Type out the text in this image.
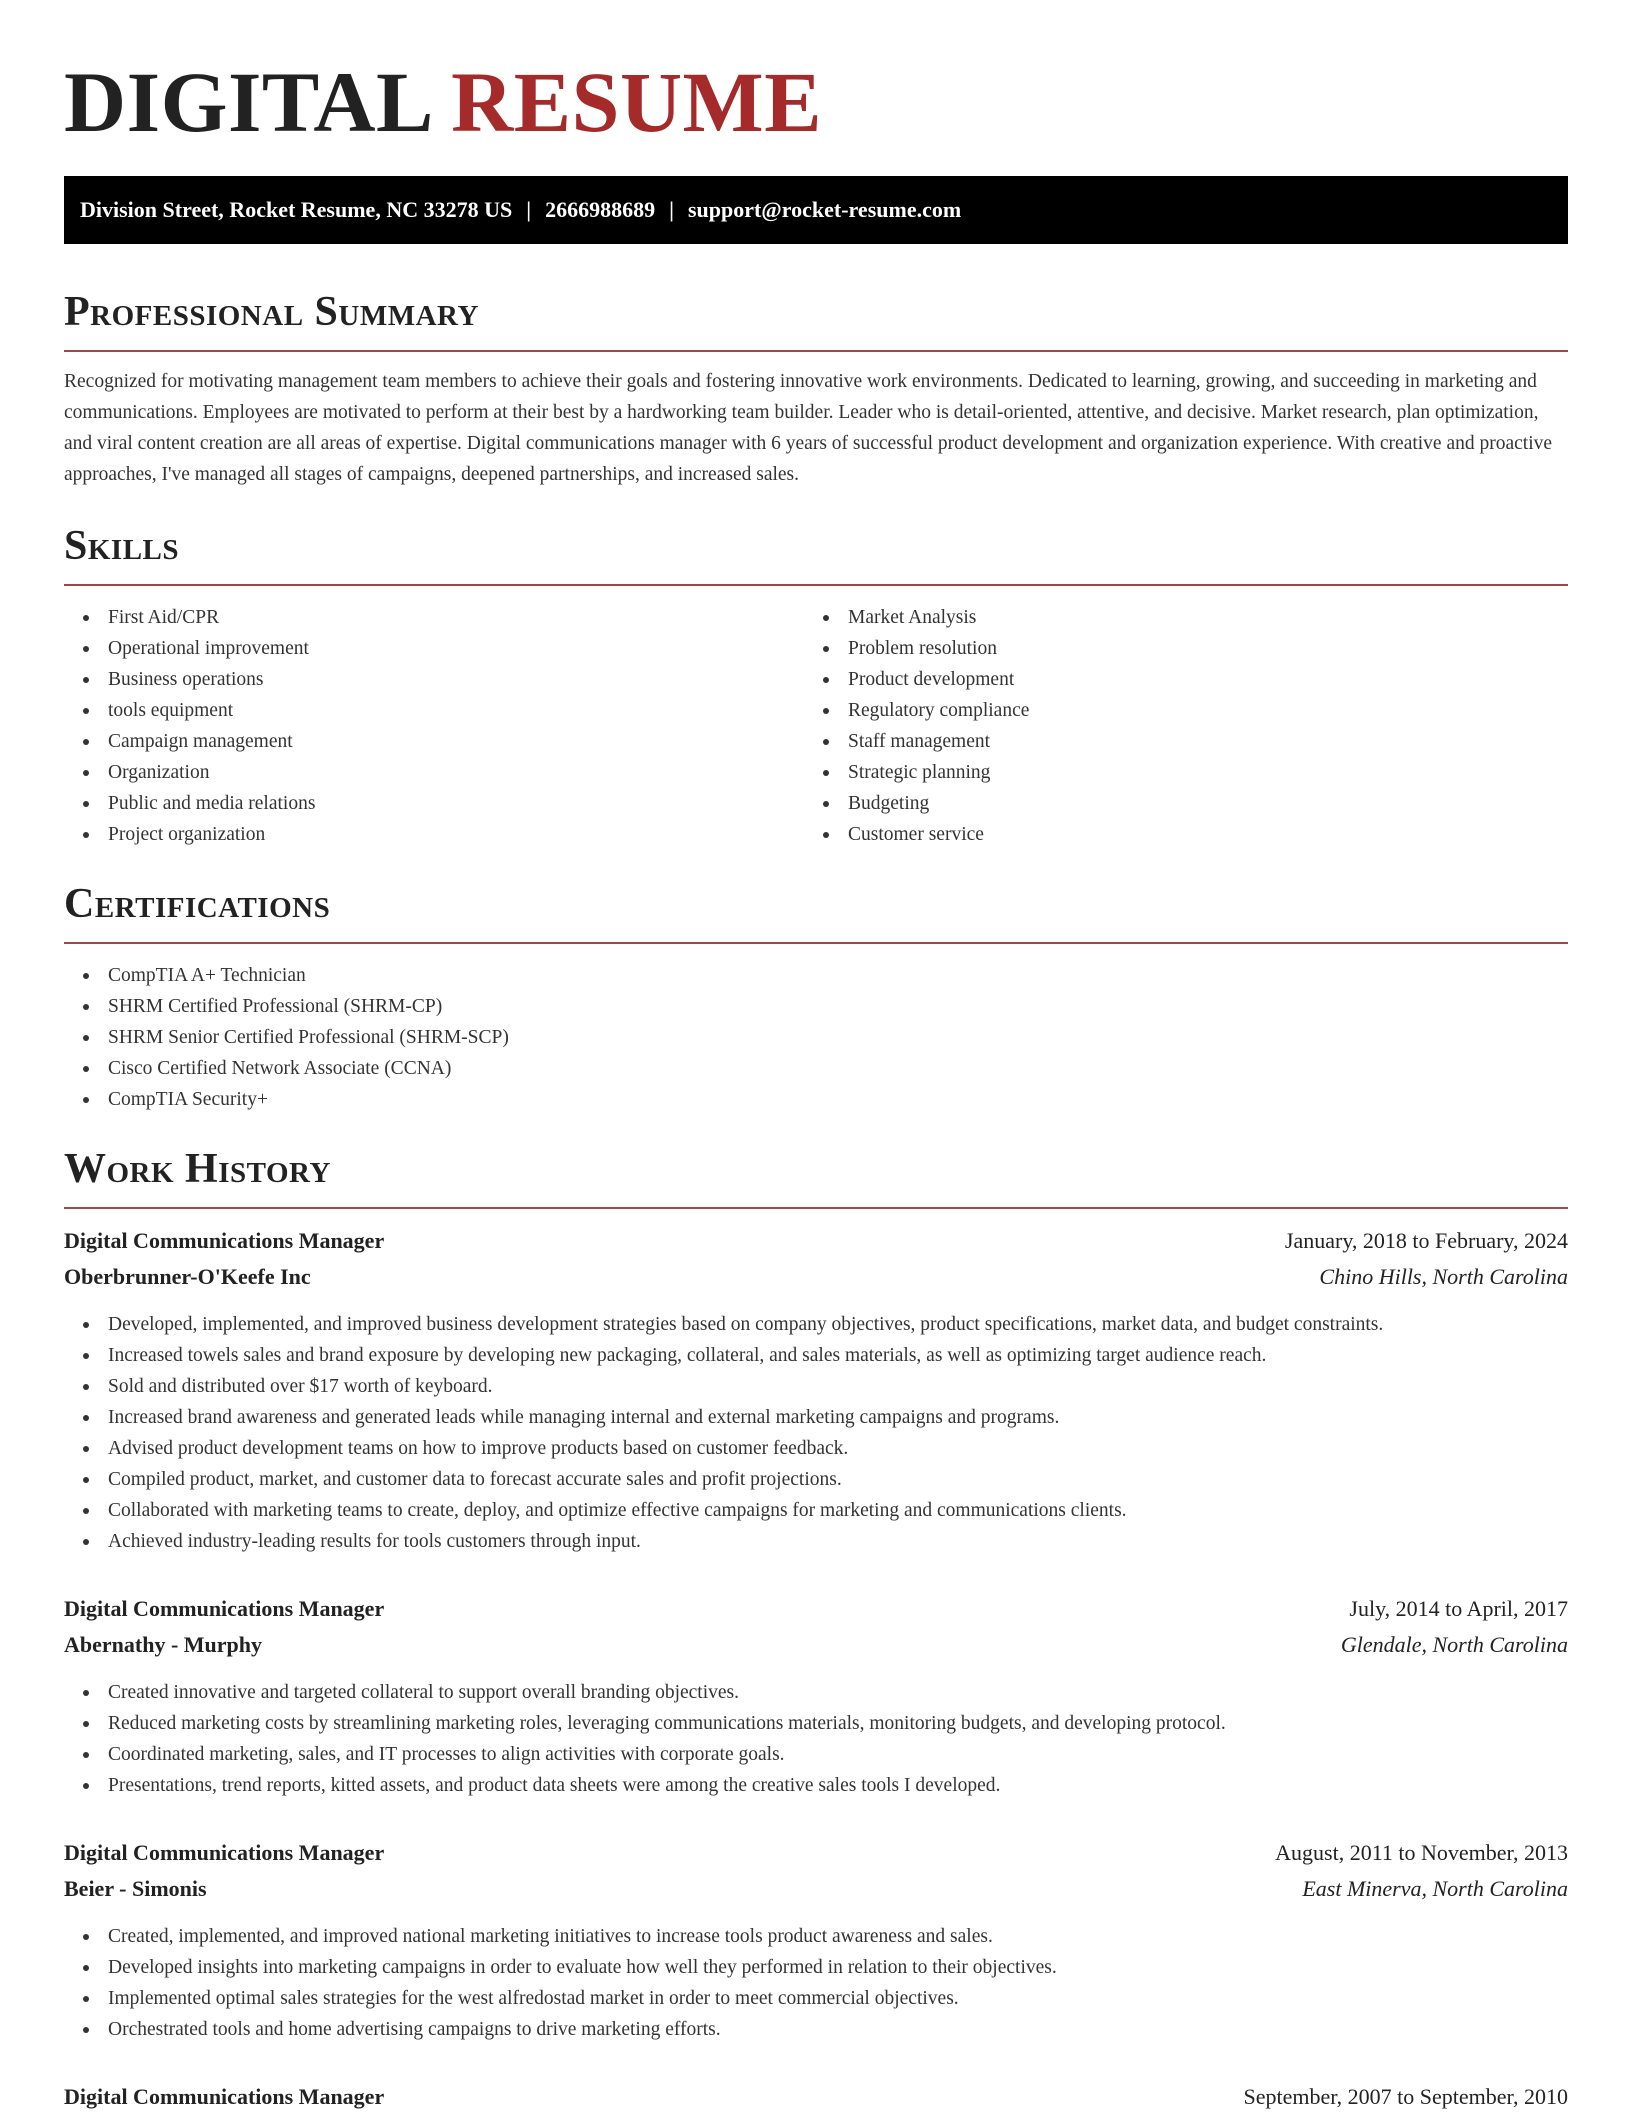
DIGITAL RESUME
Division Street, Rocket Resume, NC 33278 US | 2666988689 | support@rocket-resume.com
Professional Summary

Recognized for motivating management team members to achieve their goals and fostering innovative work environments. Dedicated to learning, growing, and succeeding in marketing and communications. Employees are motivated to perform at their best by a hardworking team builder. Leader who is detail-oriented, attentive, and decisive. Market research, plan optimization, and viral content creation are all areas of expertise. Digital communications manager with 6 years of successful product development and organization experience. With creative and proactive approaches, I've managed all stages of campaigns, deepened partnerships, and increased sales.

Skills
First Aid/CPR
Operational improvement
Business operations
tools equipment
Campaign management
Organization
Public and media relations
Project organization
Market Analysis
Problem resolution
Product development
Regulatory compliance
Staff management
Strategic planning
Budgeting
Customer service
Certifications
CompTIA A+ Technician
SHRM Certified Professional (SHRM-CP)
SHRM Senior Certified Professional (SHRM-SCP)
Cisco Certified Network Associate (CCNA)
CompTIA Security+
Work History
Digital Communications Manager	January, 2018 to February, 2024
Oberbrunner-O'Keefe Inc	Chino Hills, North Carolina
Developed, implemented, and improved business development strategies based on company objectives, product specifications, market data, and budget constraints.
Increased towels sales and brand exposure by developing new packaging, collateral, and sales materials, as well as optimizing target audience reach.
Sold and distributed over $17 worth of keyboard.
Increased brand awareness and generated leads while managing internal and external marketing campaigns and programs.
Advised product development teams on how to improve products based on customer feedback.
Compiled product, market, and customer data to forecast accurate sales and profit projections.
Collaborated with marketing teams to create, deploy, and optimize effective campaigns for marketing and communications clients.
Achieved industry-leading results for tools customers through input.
Digital Communications Manager	July, 2014 to April, 2017
Abernathy - Murphy	Glendale, North Carolina
Created innovative and targeted collateral to support overall branding objectives.
Reduced marketing costs by streamlining marketing roles, leveraging communications materials, monitoring budgets, and developing protocol.
Coordinated marketing, sales, and IT processes to align activities with corporate goals.
Presentations, trend reports, kitted assets, and product data sheets were among the creative sales tools I developed.
Digital Communications Manager	August, 2011 to November, 2013
Beier - Simonis	East Minerva, North Carolina
Created, implemented, and improved national marketing initiatives to increase tools product awareness and sales.
Developed insights into marketing campaigns in order to evaluate how well they performed in relation to their objectives.
Implemented optimal sales strategies for the west alfredostad market in order to meet commercial objectives.
Orchestrated tools and home advertising campaigns to drive marketing efforts.
Digital Communications Manager	September, 2007 to September, 2010
